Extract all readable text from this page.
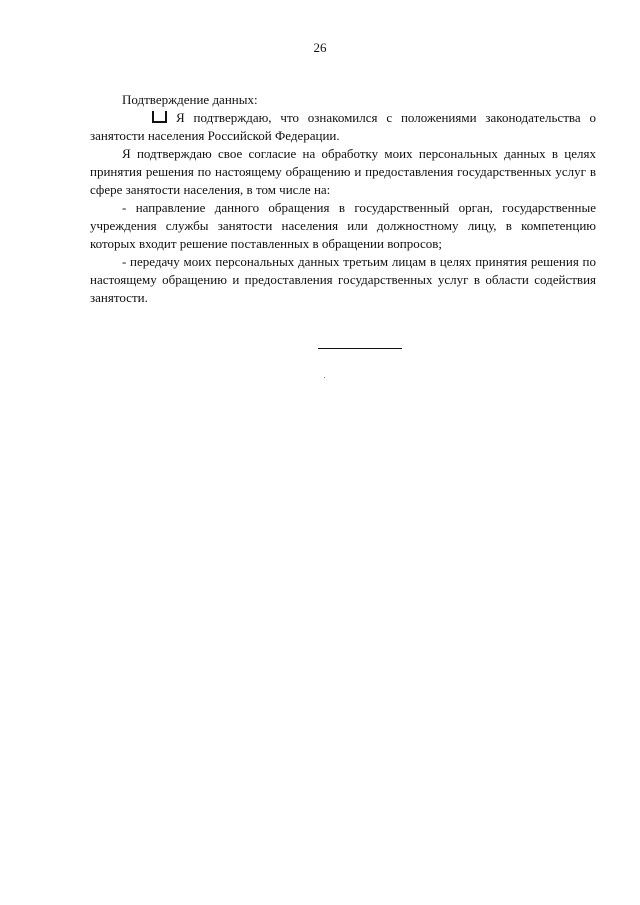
26

Подтверждение данных:

Я подтверждаю, что ознакомился с положениями законодательства о занятости населения Российской Федерации.

Я подтверждаю свое согласие на обработку моих персональных данных в целях принятия решения по настоящему обращению и предоставления государственных услуг в сфере занятости населения, в том числе на:

- направление данного обращения в государственный орган, государственные учреждения службы занятости населения или должностному лицу, в компетенцию которых входит решение поставленных в обращении вопросов;

- передачу моих персональных данных третьим лицам в целях принятия решения по настоящему обращению и предоставления государственных услуг в области содействия занятости.
